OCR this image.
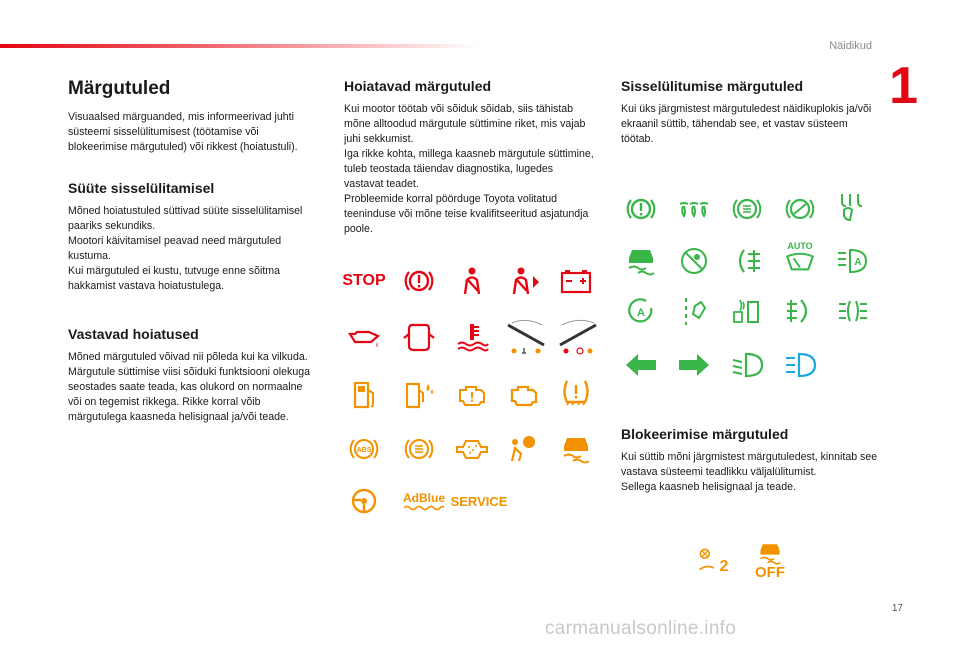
Näidikud
1
Märgutuled

Visuaalsed märguanded, mis informeerivad juhti süsteemi sisselülitumisest (töötamise või blokeerimise märgutuled) või rikkest (hoiatustuli).

Süüte sisselülitamisel

Mõned hoiatustuled süttivad süüte sisselülitamisel paariks sekundiks.
Mootori käivitamisel peavad need märgutuled kustuma.
Kui märgutuled ei kustu, tutvuge enne sõitma hakkamist vastava hoiatustulega.

Vastavad hoiatused

Mõned märgutuled võivad nii põleda kui ka vilkuda.
Märgutule süttimise viisi sõiduki funktsiooni olekuga seostades saate teada, kas olukord on normaalne või on tegemist rikkega. Rikke korral võib märgutulega kaasneda helisignaal ja/või teade.

Hoiatavad märgutuled

Kui mootor töötab või sõiduk sõidab, siis tähistab mõne alltoodud märgutule süttimine riket, mis vajab juhi sekkumist.
Iga rikke kohta, millega kaasneb märgutule süttimine, tuleb teostada täiendav diagnostika, lugedes vastavat teadet.
Probleemide korral pöörduge Toyota volitatud teeninduse või mõne teise kvalifitseeritud asjatundja poole.

STOP
ABS
AdBlue SERVICE
Sisselülitumise märgutuled

Kui üks järgmistest märgutuledest näidikuplokis ja/või ekraanil süttib, tähendab see, et vastav süsteem töötab.

AUTO
A
A
Blokeerimise märgutuled

Kui süttib mõni järgmistest märgutuledest, kinnitab see vastava süsteemi teadlikku väljalülitumist.
Sellega kaasneb helisignaal ja teade.

2 OFF
17
carmanualsonline.info
